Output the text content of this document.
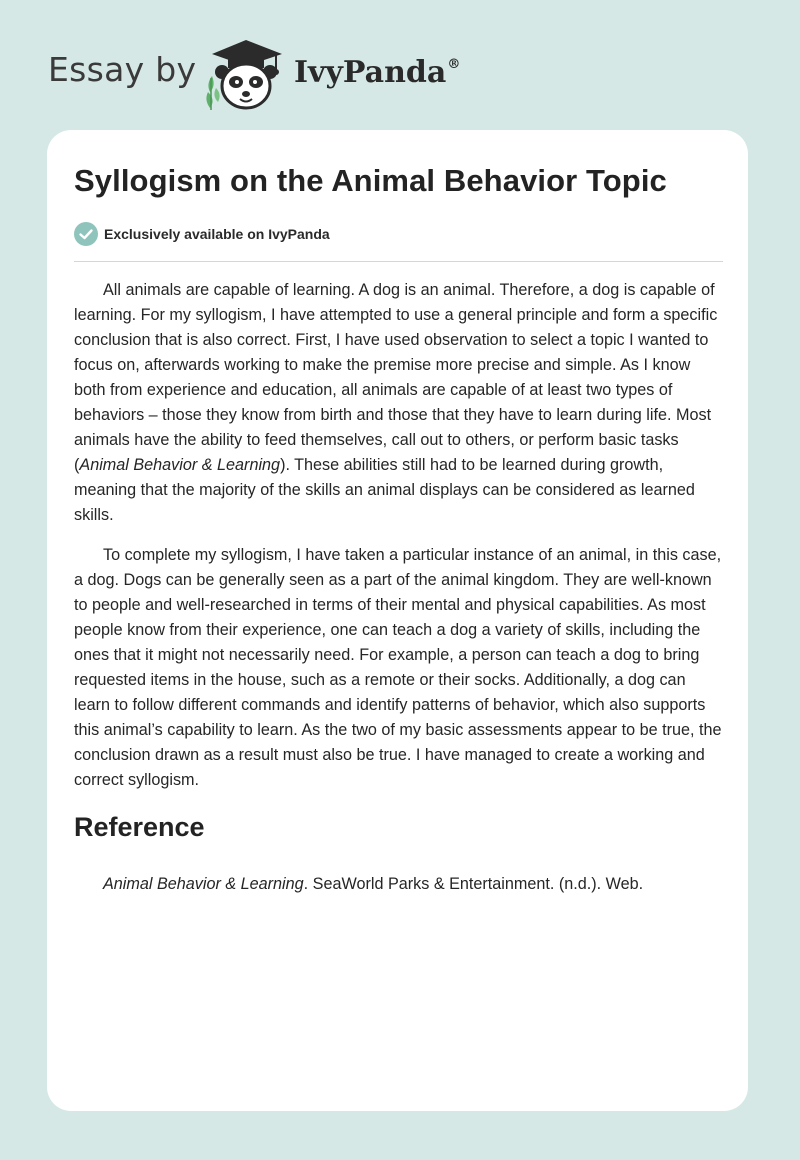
Essay by	IvyPanda®
Syllogism on the Animal Behavior Topic
Exclusively available on IvyPanda

All animals are capable of learning. A dog is an animal. Therefore, a dog is capable of learning. For my syllogism, I have attempted to use a general principle and form a specific conclusion that is also correct. First, I have used observation to select a topic I wanted to focus on, afterwards working to make the premise more precise and simple. As I know both from experience and education, all animals are capable of at least two types of behaviors – those they know from birth and those that they have to learn during life. Most animals have the ability to feed themselves, call out to others, or perform basic tasks (Animal Behavior & Learning). These abilities still had to be learned during growth, meaning that the majority of the skills an animal displays can be considered as learned skills.

To complete my syllogism, I have taken a particular instance of an animal, in this case, a dog. Dogs can be generally seen as a part of the animal kingdom. They are well-known to people and well-researched in terms of their mental and physical capabilities. As most people know from their experience, one can teach a dog a variety of skills, including the ones that it might not necessarily need. For example, a person can teach a dog to bring requested items in the house, such as a remote or their socks. Additionally, a dog can learn to follow different commands and identify patterns of behavior, which also supports this animal’s capability to learn. As the two of my basic assessments appear to be true, the conclusion drawn as a result must also be true. I have managed to create a working and correct syllogism.

Reference
Animal Behavior & Learning. SeaWorld Parks & Entertainment. (n.d.). Web.
